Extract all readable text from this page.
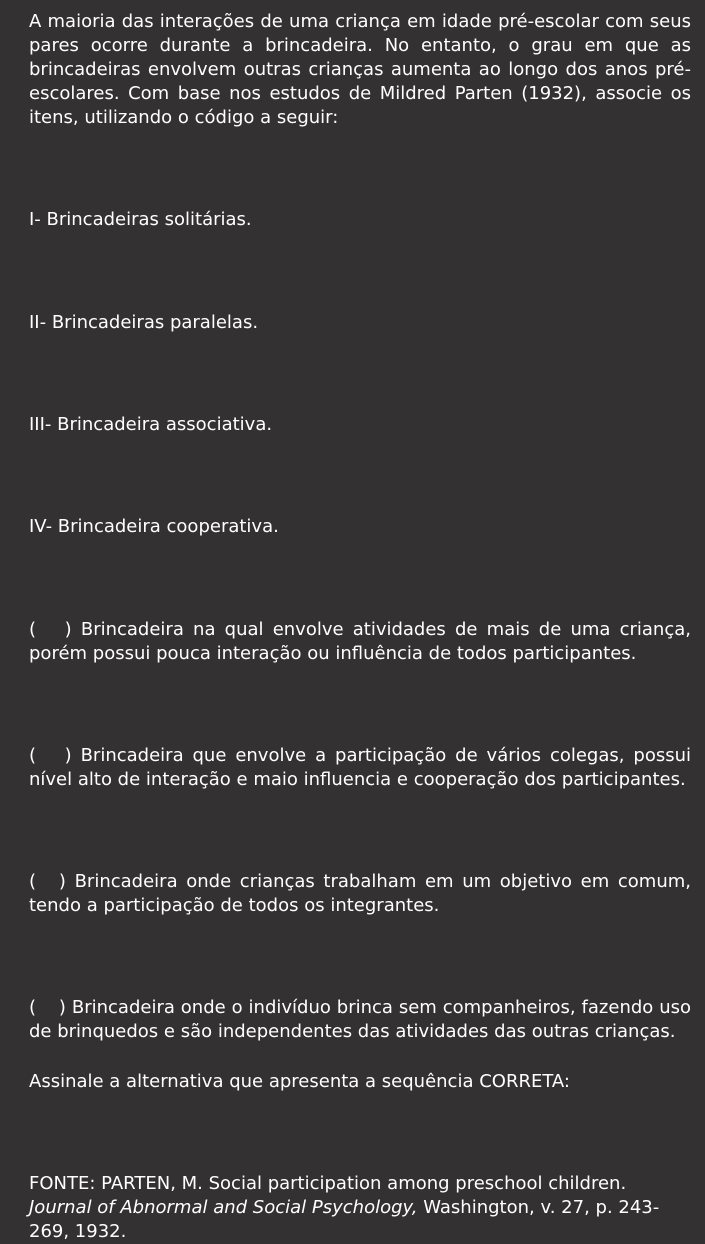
A maioria das interações de uma criança em idade pré-escolar com seus pares ocorre durante a brincadeira. No entanto, o grau em que as brincadeiras envolvem outras crianças aumenta ao longo dos anos pré-escolares. Com base nos estudos de Mildred Parten (1932), associe os itens, utilizando o código a seguir:

I- Brincadeiras solitárias.

II- Brincadeiras paralelas.

III- Brincadeira associativa.

IV- Brincadeira cooperativa.

(     ) Brincadeira na qual envolve atividades de mais de uma criança, porém possui pouca interação ou influência de todos participantes.

(     ) Brincadeira que envolve a participação de vários colegas, possui nível alto de interação e maio influencia e cooperação dos participantes.

(    ) Brincadeira onde crianças trabalham em um objetivo em comum, tendo a participação de todos os integrantes.

(    ) Brincadeira onde o indivíduo brinca sem companheiros, fazendo uso de brinquedos e são independentes das atividades das outras crianças.

Assinale a alternativa que apresenta a sequência CORRETA:

FONTE: PARTEN, M. Social participation among preschool children. Journal of Abnormal and Social Psychology, Washington, v. 27, p. 243-269, 1932.
